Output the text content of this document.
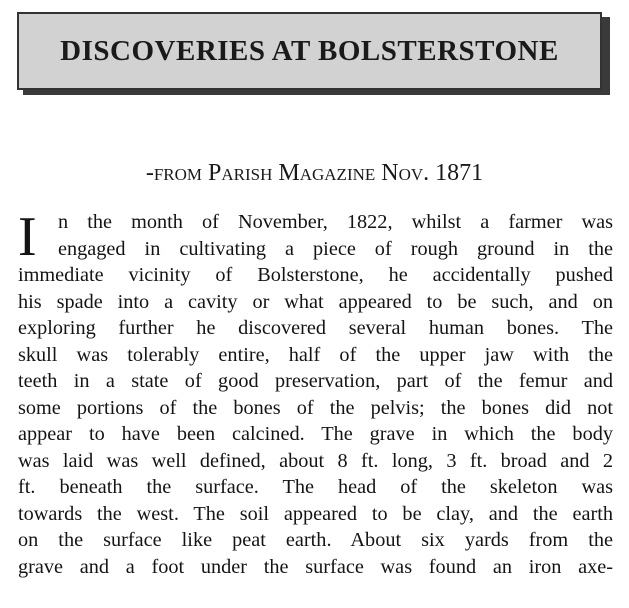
DISCOVERIES AT BOLSTERSTONE
-from Parish Magazine Nov. 1871
I	n the month of November, 1822, whilst a farmer was
engaged in cultivating a piece of rough ground in the
immediate vicinity of Bolsterstone, he accidentally pushed
his spade into a cavity or what appeared to be such, and on
exploring further he discovered several human bones. The
skull was tolerably entire, half of the upper jaw with the
teeth in a state of good preservation, part of the femur and
some portions of the bones of the pelvis; the bones did not
appear to have been calcined. The grave in which the body
was laid was well defined, about 8 ft. long, 3 ft. broad and 2
ft. beneath the surface. The head of the skeleton was
towards the west. The soil appeared to be clay, and the earth
on the surface like peat earth. About six yards from the
grave and a foot under the surface was found an iron axe-
